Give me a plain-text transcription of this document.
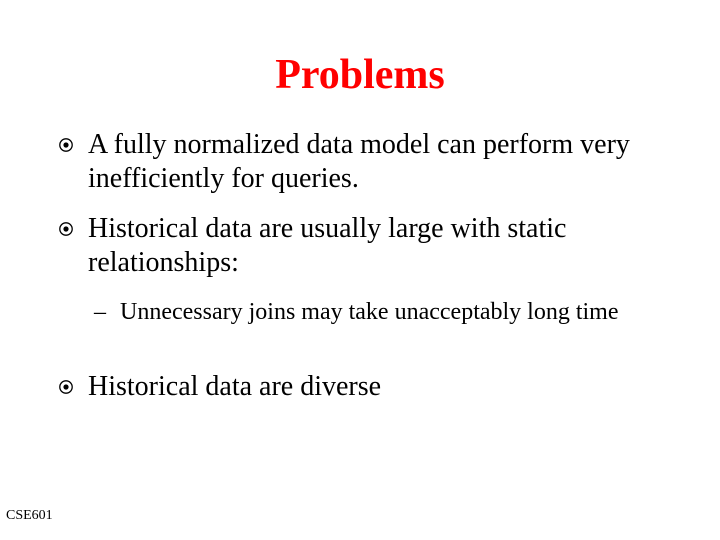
Problems
A fully normalized data model can perform very inefficiently for queries.
Historical data are usually large with static relationships:
– Unnecessary joins may take unacceptably long time
Historical data are diverse
CSE601
